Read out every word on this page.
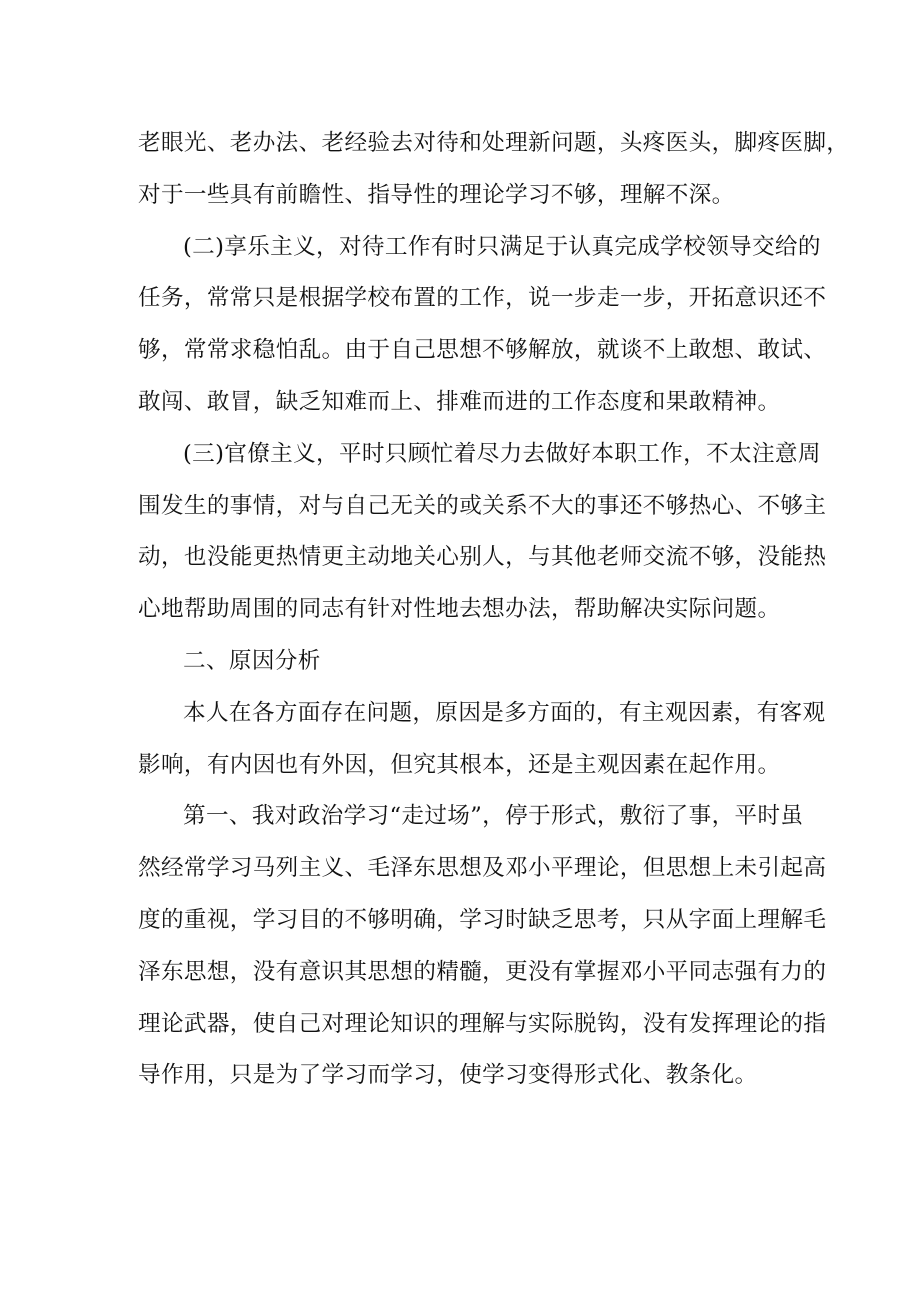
老眼光、老办法、老经验去对待和处理新问题，头疼医头，脚疼医脚，
对于一些具有前瞻性、指导性的理论学习不够，理解不深。

(二)享乐主义，对待工作有时只满足于认真完成学校领导交给的
任务，常常只是根据学校布置的工作，说一步走一步，开拓意识还不
够，常常求稳怕乱。由于自己思想不够解放，就谈不上敢想、敢试、
敢闯、敢冒，缺乏知难而上、排难而进的工作态度和果敢精神。

(三)官僚主义，平时只顾忙着尽力去做好本职工作，不太注意周
围发生的事情，对与自己无关的或关系不大的事还不够热心、不够主
动，也没能更热情更主动地关心别人，与其他老师交流不够，没能热
心地帮助周围的同志有针对性地去想办法，帮助解决实际问题。

二、原因分析

本人在各方面存在问题，原因是多方面的，有主观因素，有客观
影响，有内因也有外因，但究其根本，还是主观因素在起作用。

第一、我对政治学习“走过场”，停于形式，敷衍了事，平时虽
然经常学习马列主义、毛泽东思想及邓小平理论，但思想上未引起高
度的重视，学习目的不够明确，学习时缺乏思考，只从字面上理解毛
泽东思想，没有意识其思想的精髓，更没有掌握邓小平同志强有力的
理论武器，使自己对理论知识的理解与实际脱钩，没有发挥理论的指
导作用，只是为了学习而学习，使学习变得形式化、教条化。
